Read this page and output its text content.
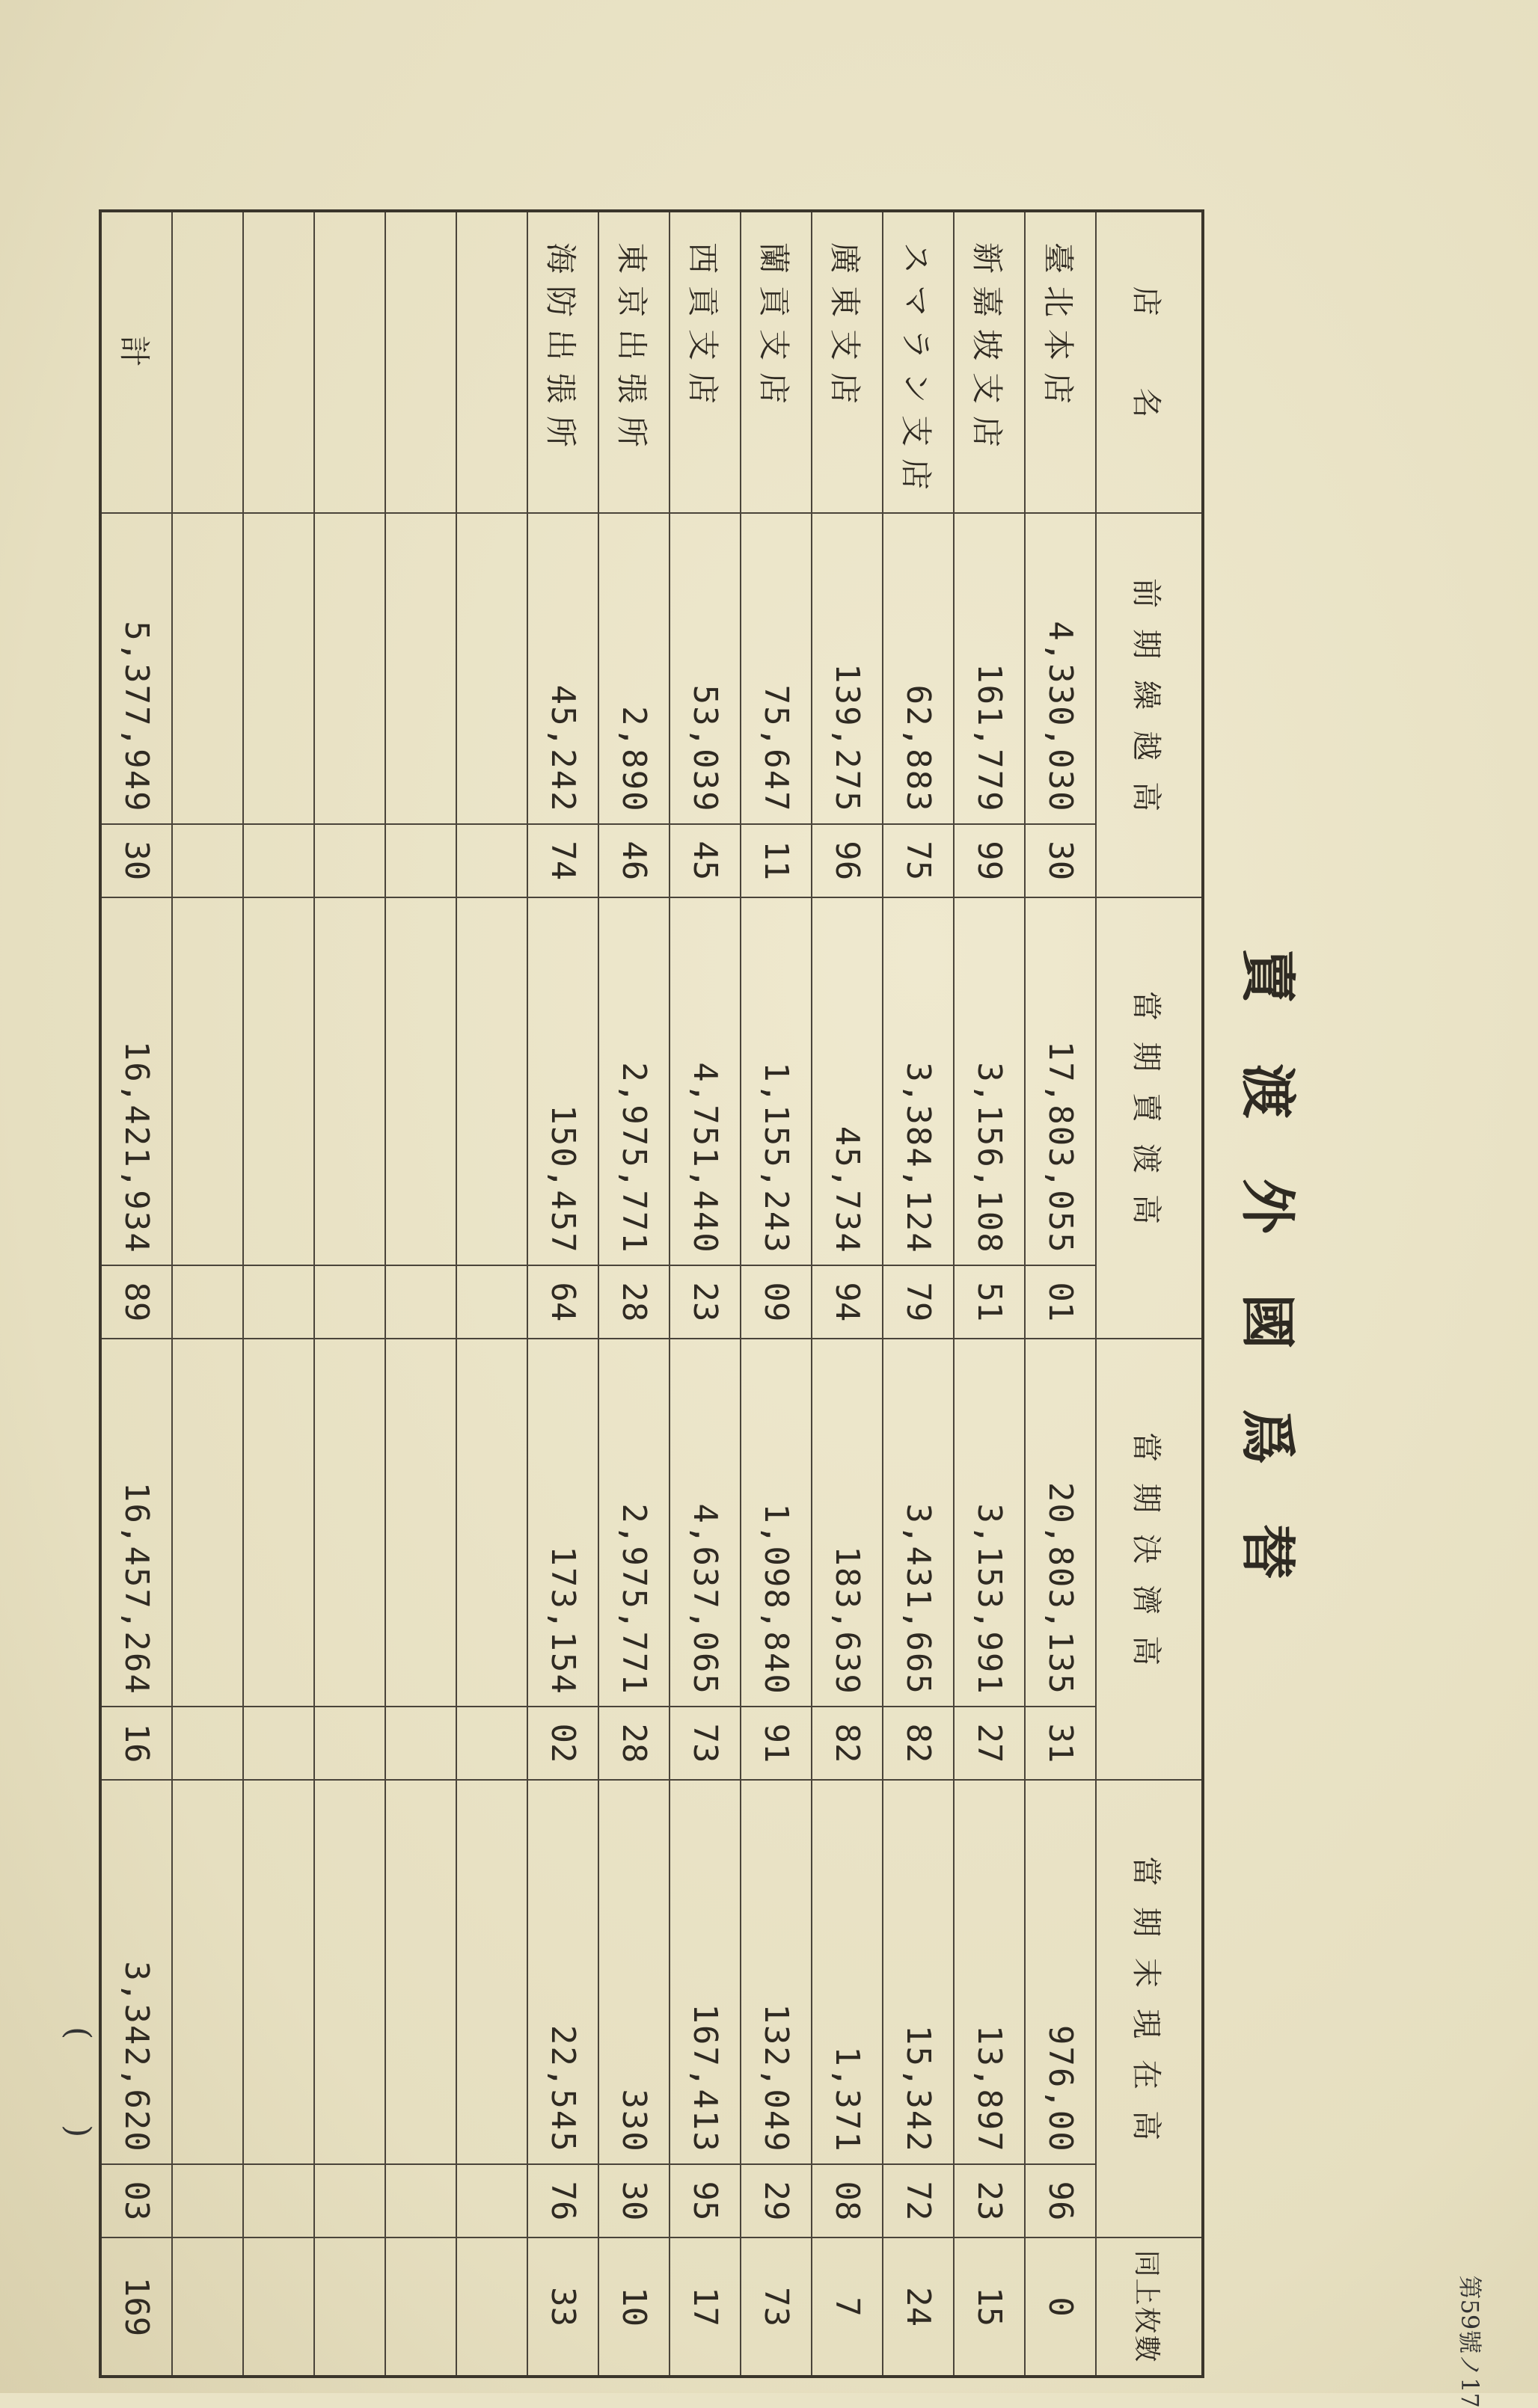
第59號ノ17
賣渡外國爲替
店　名	前期繰越高		當期賣渡高		當期決濟高		當期末現在高		同上枚數
臺北本店	4,330,030	30	17,803,055	01	20,803,135	31	976,00	96	0
新嘉坡支店	161,779	99	3,156,108	51	3,153,991	27	13,897	23	15
スマラン支店	62,883	75	3,384,124	79	3,431,665	82	15,342	72	24
廣東支店	139,275	96	45,734	94	183,639	82	1,371	08	7
蘭貢支店	75,647	11	1,155,243	09	1,098,840	91	132,049	29	73
西貢支店	53,039	45	4,751,440	23	4,637,065	73	167,413	95	17
東京出張所	2,890	46	2,975,771	28	2,975,771	28	330	30	10
海防出張所	45,242	74	150,457	64	173,154	02	22,545	76	33

計	5,377,949	30	16,421,934	89	16,457,264	16	3,342,620	03	169
( )
